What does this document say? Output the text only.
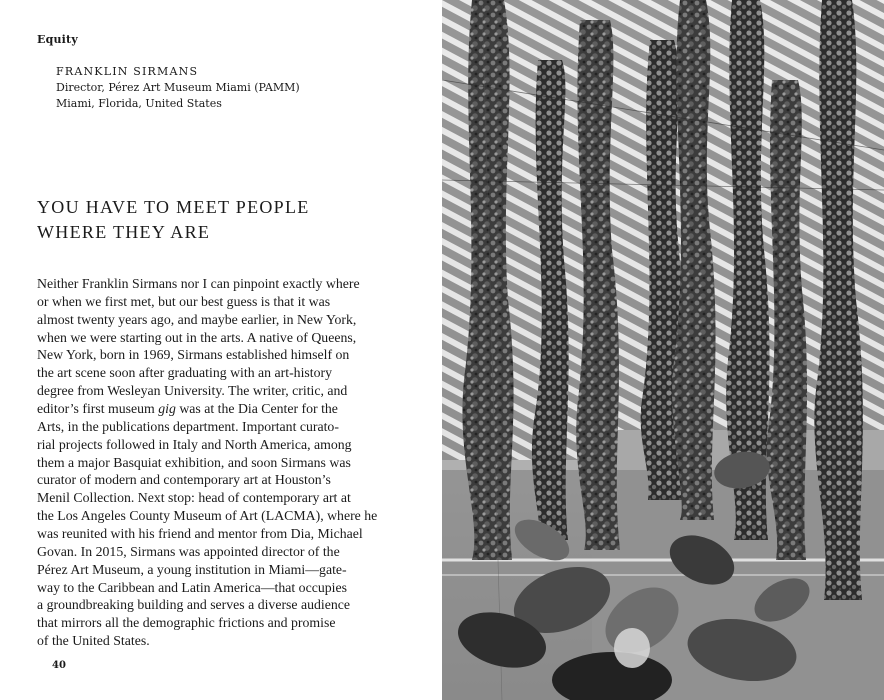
Equity
FRANKLIN SIRMANS
Director, Pérez Art Museum Miami (PAMM)
Miami, Florida, United States
YOU HAVE TO MEET PEOPLE
WHERE THEY ARE
Neither Franklin Sirmans nor I can pinpoint exactly where
or when we first met, but our best guess is that it was
almost twenty years ago, and maybe earlier, in New York,
when we were starting out in the arts. A native of Queens,
New York, born in 1969, Sirmans established himself on
the art scene soon after graduating with an art-history
degree from Wesleyan University. The writer, critic, and
editor’s first museum gig was at the Dia Center for the
Arts, in the publications department. Important curato-
rial projects followed in Italy and North America, among
them a major Basquiat exhibition, and soon Sirmans was
curator of modern and contemporary art at Houston’s
Menil Collection. Next stop: head of contemporary art at
the Los Angeles County Museum of Art (LACMA), where he
was reunited with his friend and mentor from Dia, Michael
Govan. In 2015, Sirmans was appointed director of the
Pérez Art Museum, a young institution in Miami—gate-
way to the Caribbean and Latin America—that occupies
a groundbreaking building and serves a diverse audience
that mirrors all the demographic frictions and promise
of the United States.
40
